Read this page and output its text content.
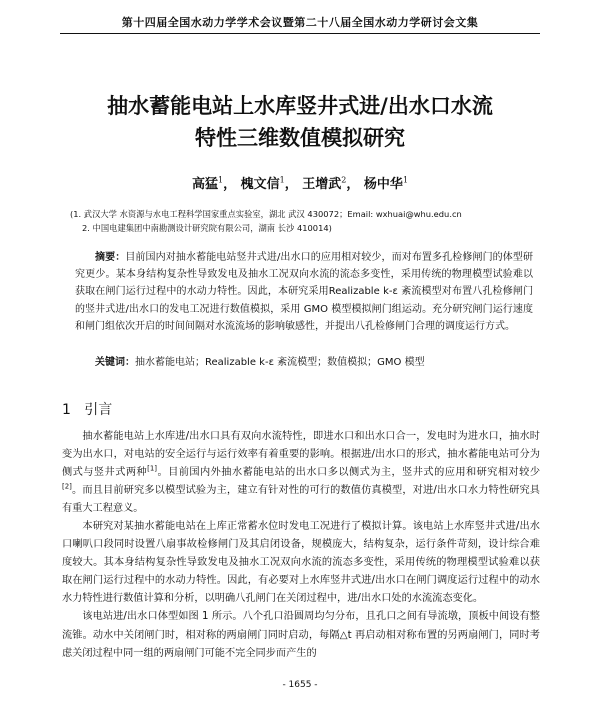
第十四届全国水动力学学术会议暨第二十八届全国水动力学研讨会文集
抽水蓄能电站上水库竖井式进/出水口水流
特性三维数值模拟研究
高猛$^1$， 槐文信$^1$， 王增武$^2$， 杨中华$^1$
(1. 武汉大学 水资源与水电工程科学国家重点实验室，湖北 武汉 430072；Email: wxhuai@whu.edu.cn
2. 中国电建集团中南勘测设计研究院有限公司，湖南 长沙 410014)
摘要：目前国内对抽水蓄能电站竖井式进/出水口的应用相对较少，而对布置多孔检修闸门的体型研究更少。某本身结构复杂性导致发电及抽水工况双向水流的流态多变性，采用传统的物理模型试验难以获取在闸门运行过程中的水动力特性。因此，本研究采用Realizable k-ε 紊流模型对布置八孔检修闸门的竖井式进/出水口的发电工况进行数值模拟，采用 GMO 模型模拟闸门组运动。充分研究闸门运行速度和闸门组依次开启的时间间隔对水流流场的影响敏感性，并提出八孔检修闸门合理的调度运行方式。
关键词：抽水蓄能电站；Realizable k-ε 紊流模型；数值模拟；GMO 模型
1 引言

抽水蓄能电站上水库进/出水口具有双向水流特性，即进水口和出水口合一，发电时为进水口，抽水时变为出水口，对电站的安全运行与运行效率有着重要的影响。根据进/出水口的形式，抽水蓄能电站可分为侧式与竖井式两种[1]。目前国内外抽水蓄能电站的出水口多以侧式为主，竖井式的应用和研究相对较少[2]。而且目前研究多以模型试验为主，建立有针对性的可行的数值仿真模型，对进/出水口水力特性研究具有重大工程意义。

本研究对某抽水蓄能电站在上库正常蓄水位时发电工况进行了模拟计算。该电站上水库竖井式进/出水口喇叭口段同时设置八扇事故检修闸门及其启闭设备，规模庞大，结构复杂，运行条件苛刻，设计综合难度较大。其本身结构复杂性导致发电及抽水工况双向水流的流态多变性，采用传统的物理模型试验难以获取在闸门运行过程中的水动力特性。因此，有必要对上水库竖井式进/出水口在闸门调度运行过程中的动水水力特性进行数值计算和分析，以明确八孔闸门在关闭过程中，进/出水口处的水流流态变化。

该电站进/出水口体型如图 1 所示。八个孔口沿圆周均匀分布，且孔口之间有导流墩，顶板中间设有整流锥。动水中关闭闸门时，相对称的两扇闸门同时启动，每隔△t 再启动相对称布置的另两扇闸门，同时考虑关闭过程中同一组的两扇闸门可能不完全同步而产生的

- 1655 -
